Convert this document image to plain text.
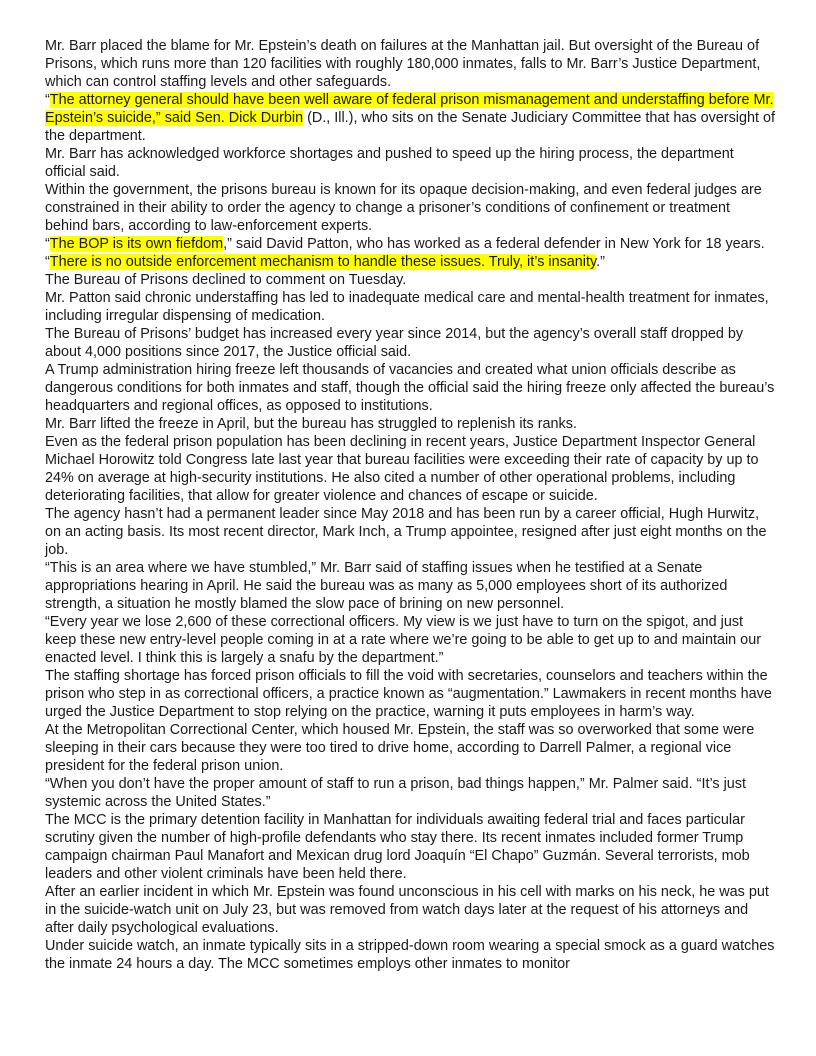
Mr. Barr placed the blame for Mr. Epstein’s death on failures at the Manhattan jail. But oversight of the Bureau of Prisons, which runs more than 120 facilities with roughly 180,000 inmates, falls to Mr. Barr’s Justice Department, which can control staffing levels and other safeguards.

“The attorney general should have been well aware of federal prison mismanagement and understaffing before Mr. Epstein’s suicide,” said Sen. Dick Durbin (D., Ill.), who sits on the Senate Judiciary Committee that has oversight of the department.

Mr. Barr has acknowledged workforce shortages and pushed to speed up the hiring process, the department official said.

Within the government, the prisons bureau is known for its opaque decision-making, and even federal judges are constrained in their ability to order the agency to change a prisoner’s conditions of confinement or treatment behind bars, according to law-enforcement experts.

“The BOP is its own fiefdom,” said David Patton, who has worked as a federal defender in New York for 18 years. “There is no outside enforcement mechanism to handle these issues. Truly, it’s insanity.”

The Bureau of Prisons declined to comment on Tuesday.

Mr. Patton said chronic understaffing has led to inadequate medical care and mental-health treatment for inmates, including irregular dispensing of medication.

The Bureau of Prisons’ budget has increased every year since 2014, but the agency’s overall staff dropped by about 4,000 positions since 2017, the Justice official said.

A Trump administration hiring freeze left thousands of vacancies and created what union officials describe as dangerous conditions for both inmates and staff, though the official said the hiring freeze only affected the bureau’s headquarters and regional offices, as opposed to institutions.

Mr. Barr lifted the freeze in April, but the bureau has struggled to replenish its ranks.

Even as the federal prison population has been declining in recent years, Justice Department Inspector General Michael Horowitz told Congress late last year that bureau facilities were exceeding their rate of capacity by up to 24% on average at high-security institutions. He also cited a number of other operational problems, including deteriorating facilities, that allow for greater violence and chances of escape or suicide.

The agency hasn’t had a permanent leader since May 2018 and has been run by a career official, Hugh Hurwitz, on an acting basis. Its most recent director, Mark Inch, a Trump appointee, resigned after just eight months on the job.

“This is an area where we have stumbled,” Mr. Barr said of staffing issues when he testified at a Senate appropriations hearing in April. He said the bureau was as many as 5,000 employees short of its authorized strength, a situation he mostly blamed the slow pace of brining on new personnel.

“Every year we lose 2,600 of these correctional officers. My view is we just have to turn on the spigot, and just keep these new entry-level people coming in at a rate where we’re going to be able to get up to and maintain our enacted level. I think this is largely a snafu by the department.”

The staffing shortage has forced prison officials to fill the void with secretaries, counselors and teachers within the prison who step in as correctional officers, a practice known as “augmentation.” Lawmakers in recent months have urged the Justice Department to stop relying on the practice, warning it puts employees in harm’s way.

At the Metropolitan Correctional Center, which housed Mr. Epstein, the staff was so overworked that some were sleeping in their cars because they were too tired to drive home, according to Darrell Palmer, a regional vice president for the federal prison union.

“When you don’t have the proper amount of staff to run a prison, bad things happen,” Mr. Palmer said. “It’s just systemic across the United States.”

The MCC is the primary detention facility in Manhattan for individuals awaiting federal trial and faces particular scrutiny given the number of high-profile defendants who stay there. Its recent inmates included former Trump campaign chairman Paul Manafort and Mexican drug lord Joaquín “El Chapo” Guzmán. Several terrorists, mob leaders and other violent criminals have been held there.

After an earlier incident in which Mr. Epstein was found unconscious in his cell with marks on his neck, he was put in the suicide-watch unit on July 23, but was removed from watch days later at the request of his attorneys and after daily psychological evaluations.

Under suicide watch, an inmate typically sits in a stripped-down room wearing a special smock as a guard watches the inmate 24 hours a day. The MCC sometimes employs other inmates to monitor
